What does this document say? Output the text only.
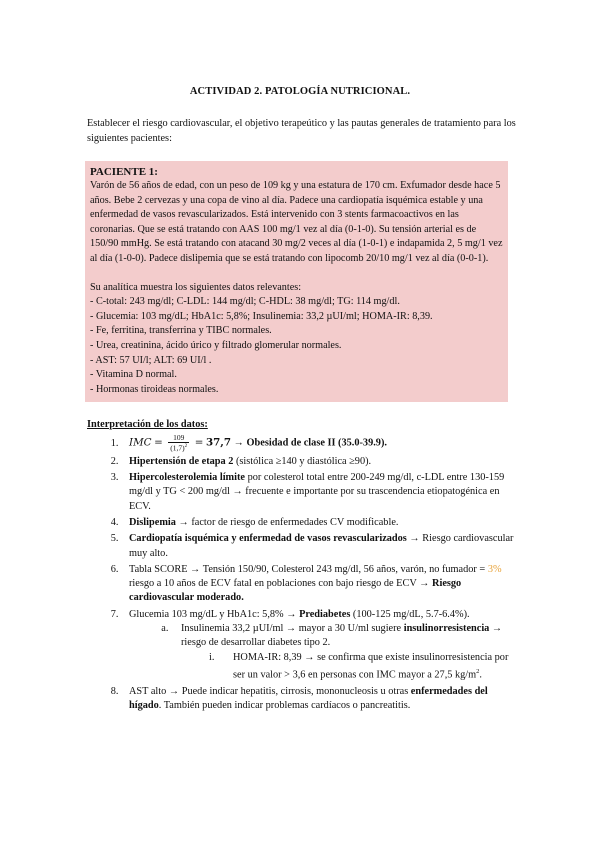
ACTIVIDAD 2. PATOLOGÍA NUTRICIONAL.
Establecer el riesgo cardiovascular, el objetivo terapeútico y las pautas generales de tratamiento para los siguientes pacientes:
PACIENTE 1:
Varón de 56 años de edad, con un peso de 109 kg y una estatura de 170 cm. Exfumador desde hace 5 años. Bebe 2 cervezas y una copa de vino al día. Padece una cardiopatía isquémica estable y una enfermedad de vasos revascularizados. Está intervenido con 3 stents farmacoactivos en las coronarias. Que se está tratando con AAS 100 mg/1 vez al día (0-1-0). Su tensión arterial es de 150/90 mmHg. Se está tratando con atacand 30 mg/2 veces al día (1-0-1) e indapamida 2, 5 mg/1 vez al día (1-0-0). Padece dislipemia que se está tratando con lipocomb 20/10 mg/1 vez al día (0-0-1).
Su analítica muestra los siguientes datos relevantes:
- C-total: 243 mg/dl; C-LDL: 144 mg/dl; C-HDL: 38 mg/dl; TG: 114 mg/dl.
- Glucemia: 103 mg/dL; HbA1c: 5,8%; Insulinemia: 33,2 µUI/ml; HOMA-IR: 8,39.
- Fe, ferritina, transferrina y TIBC normales.
- Urea, creatinina, ácido úrico y filtrado glomerular normales.
- AST: 57 UI/l; ALT: 69 UI/l .
- Vitamina D normal.
- Hormonas tiroideas normales.
Interpretación de los datos:
1. IMC = $\frac{109}{(1,7)^2} = 37,7$ → Obesidad de clase II (35.0-39.9).
2. Hipertensión de etapa 2 (sistólica ≥140 y diastólica ≥90).
3. Hipercolesterolemia límite por colesterol total entre 200-249 mg/dl, c-LDL entre 130-159 mg/dl y TG < 200 mg/dl → frecuente e importante por su trascendencia etiopatogénica en ECV.
4. Dislipemia → factor de riesgo de enfermedades CV modificable.
5. Cardiopatía isquémica y enfermedad de vasos revascularizados → Riesgo cardiovascular muy alto.
6. Tabla SCORE → Tensión 150/90, Colesterol 243 mg/dl, 56 años, varón, no fumador = 3% riesgo a 10 años de ECV fatal en poblaciones con bajo riesgo de ECV → Riesgo cardiovascular moderado.
7. Glucemia 103 mg/dL y HbA1c: 5,8% → Prediabetes (100-125 mg/dL, 5.7-6.4%).
a. Insulinemia 33,2 µUI/ml → mayor a 30 U/ml sugiere insulinorresistencia → riesgo de desarrollar diabetes tipo 2.
i. HOMA-IR: 8,39 → se confirma que existe insulinorresistencia por ser un valor > 3,6 en personas con IMC mayor a 27,5 $kg/m^2$.
8. AST alto → Puede indicar hepatitis, cirrosis, mononucleosis u otras enfermedades del hígado. También pueden indicar problemas cardíacos o pancreatitis.
